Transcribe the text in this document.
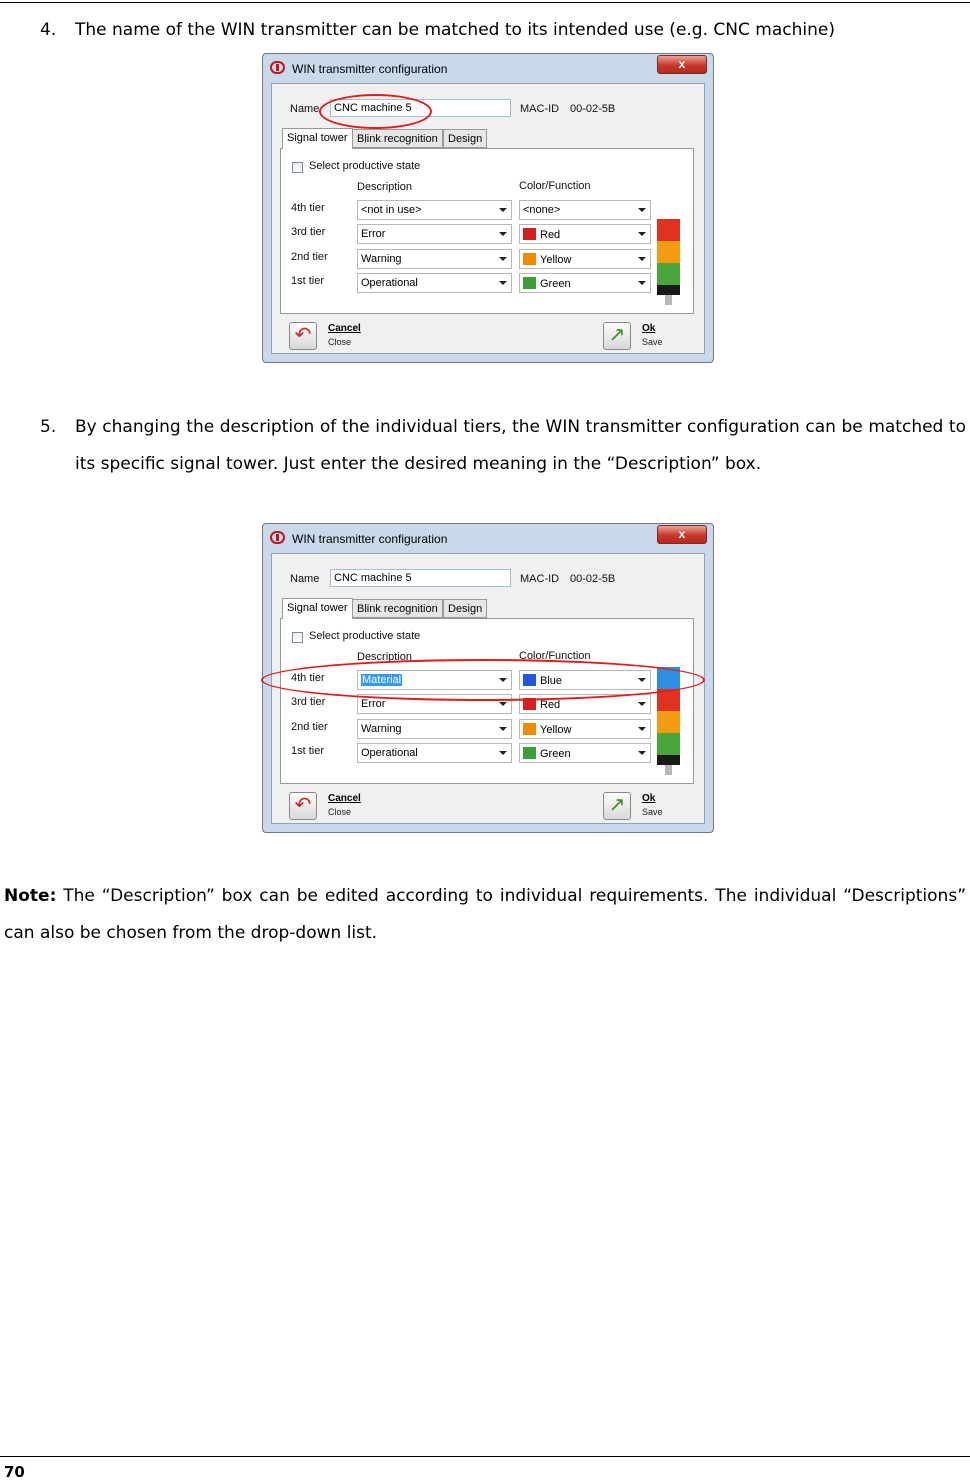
4. The name of the WIN transmitter can be matched to its intended use (e.g. CNC machine)
WIN transmitter configuration	x
Name	CNC machine 5	MAC-ID 00-02-5B
Signal tower Blink recognition Design
Select productive state
Description	Color/Function
4th tier	<not in use>	<none>
3rd tier	Error	Red
2nd tier	Warning	Yellow
1st tier	Operational	Green
↶	Cancel
Close	↗	Ok
Save
5. By changing the description of the individual tiers, the WIN transmitter configuration can be matched to its specific signal tower. Just enter the desired meaning in the “Description” box.
WIN transmitter configuration	x
Name	CNC machine 5	MAC-ID 00-02-5B
Signal tower Blink recognition Design
Select productive state
Description	Color/Function
4th tier	Material	Blue
3rd tier	Error	Red
2nd tier	Warning	Yellow
1st tier	Operational	Green
↶	Cancel
Close	↗	Ok
Save
Note: The “Description” box can be edited according to individual requirements. The individual “Descriptions” can also be chosen from the drop-down list.
70
